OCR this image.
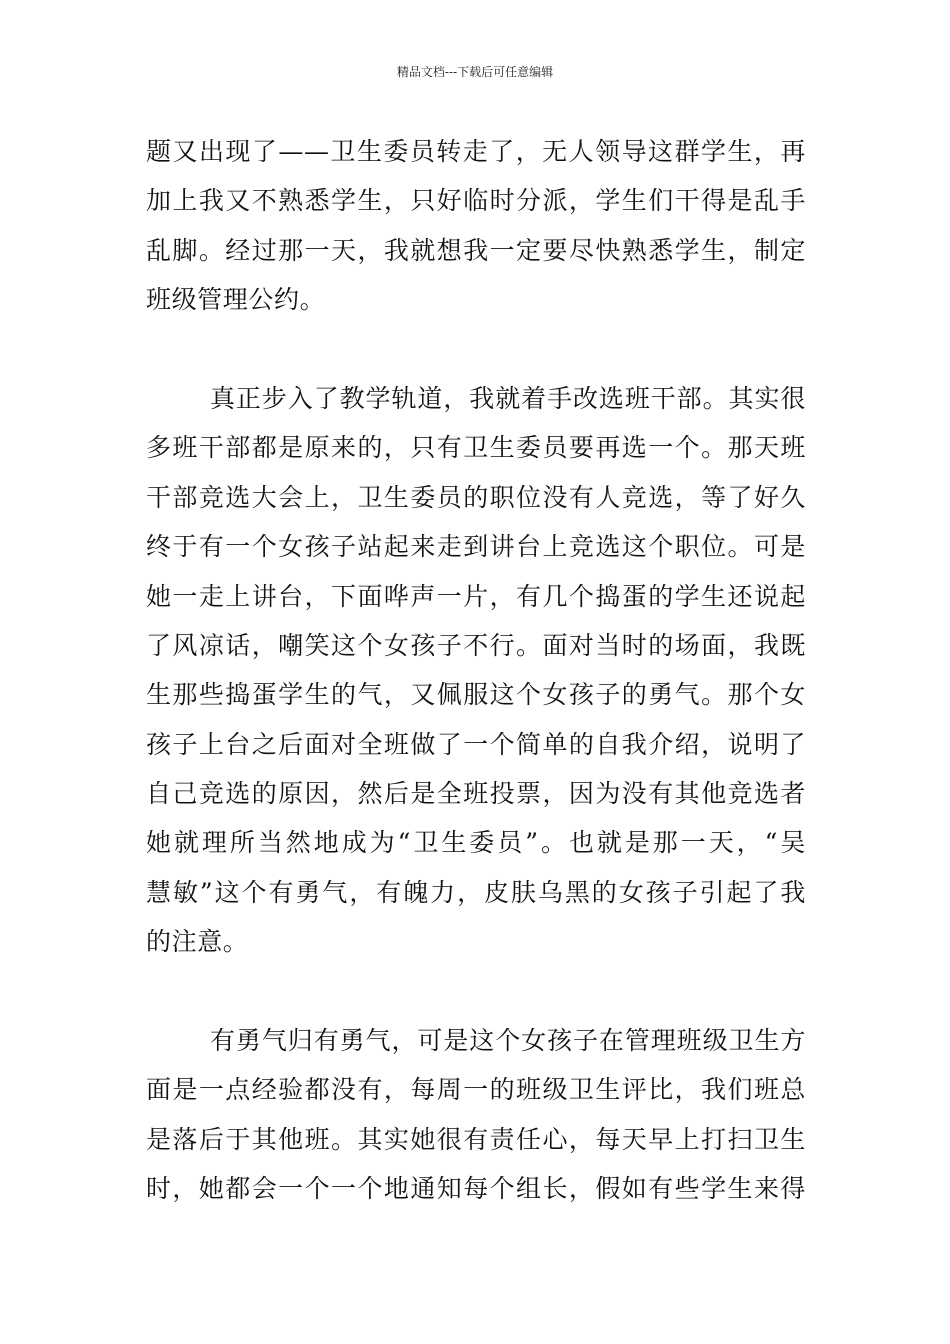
精品文档---下载后可任意编辑
题又出现了——卫生委员转走了，无人领导这群学生，再
加上我又不熟悉学生，只好临时分派，学生们干得是乱手
乱脚。经过那一天，我就想我一定要尽快熟悉学生，制定
班级管理公约。
真正步入了教学轨道，我就着手改选班干部。其实很
多班干部都是原来的，只有卫生委员要再选一个。那天班
干部竞选大会上，卫生委员的职位没有人竞选，等了好久
终于有一个女孩子站起来走到讲台上竞选这个职位。可是
她一走上讲台，下面哗声一片，有几个捣蛋的学生还说起
了风凉话，嘲笑这个女孩子不行。面对当时的场面，我既
生那些捣蛋学生的气，又佩服这个女孩子的勇气。那个女
孩子上台之后面对全班做了一个简单的自我介绍，说明了
自己竞选的原因，然后是全班投票，因为没有其他竞选者
她就理所当然地成为“卫生委员”。也就是那一天，“吴
慧敏”这个有勇气，有魄力，皮肤乌黑的女孩子引起了我
的注意。
有勇气归有勇气，可是这个女孩子在管理班级卫生方
面是一点经验都没有，每周一的班级卫生评比，我们班总
是落后于其他班。其实她很有责任心，每天早上打扫卫生
时，她都会一个一个地通知每个组长，假如有些学生来得
